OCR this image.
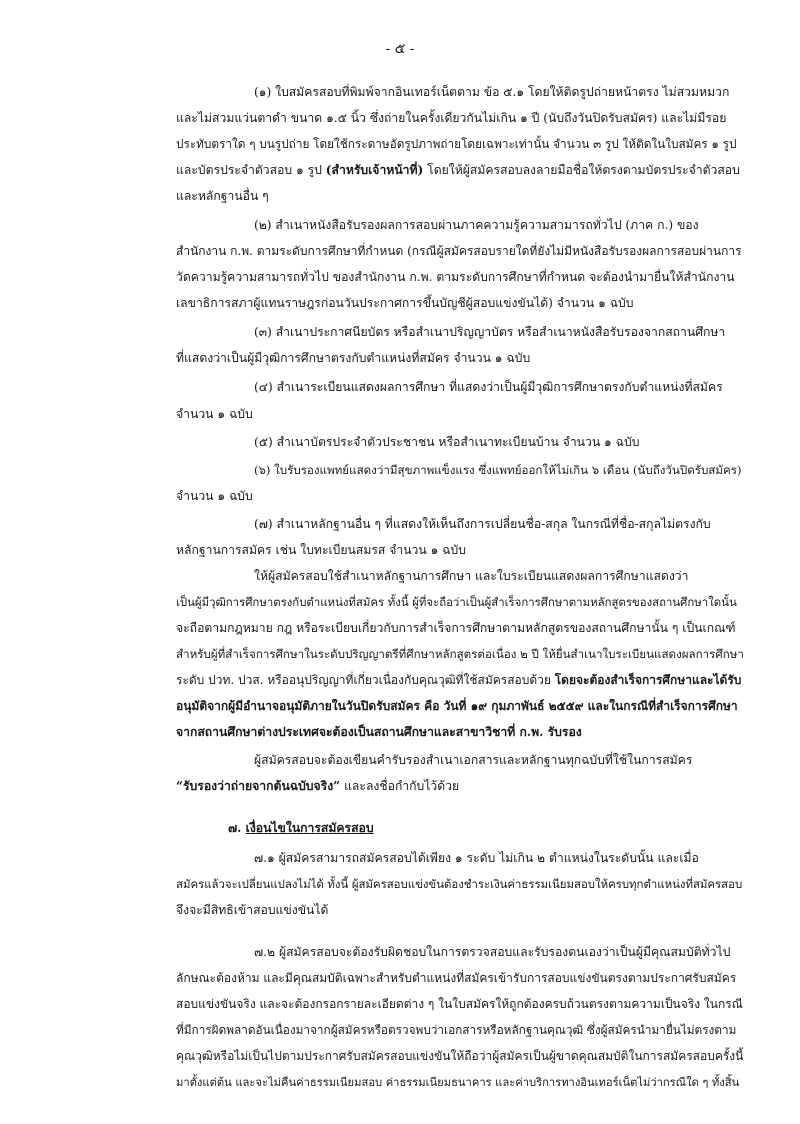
- ๕ -
(๑) ใบสมัครสอบที่พิมพ์จากอินเทอร์เน็ตตาม ข้อ ๕.๑ โดยให้ติดรูปถ่ายหน้าตรง ไม่สวมหมวก
และไม่สวมแว่นตาดำ ขนาด ๑.๕ นิ้ว ซึ่งถ่ายในครั้งเดียวกันไม่เกิน ๑ ปี (นับถึงวันปิดรับสมัคร) และไม่มีรอย
ประทับตราใด ๆ บนรูปถ่าย โดยใช้กระดาษอัดรูปภาพถ่ายโดยเฉพาะเท่านั้น จำนวน ๓ รูป ให้ติดในใบสมัคร ๑ รูป
และบัตรประจำตัวสอบ ๑ รูป (สำหรับเจ้าหน้าที่) โดยให้ผู้สมัครสอบลงลายมือชื่อให้ตรงตามบัตรประจำตัวสอบ
และหลักฐานอื่น ๆ
(๒) สำเนาหนังสือรับรองผลการสอบผ่านภาคความรู้ความสามารถทั่วไป (ภาค ก.) ของ
สำนักงาน ก.พ. ตามระดับการศึกษาที่กำหนด (กรณีผู้สมัครสอบรายใดที่ยังไม่มีหนังสือรับรองผลการสอบผ่านการ
วัดความรู้ความสามารถทั่วไป ของสำนักงาน ก.พ. ตามระดับการศึกษาที่กำหนด จะต้องนำมายื่นให้สำนักงาน
เลขาธิการสภาผู้แทนราษฎรก่อนวันประกาศการขึ้นบัญชีผู้สอบแข่งขันได้) จำนวน ๑ ฉบับ
(๓) สำเนาประกาศนียบัตร หรือสำเนาปริญญาบัตร หรือสำเนาหนังสือรับรองจากสถานศึกษา
ที่แสดงว่าเป็นผู้มีวุฒิการศึกษาตรงกับตำแหน่งที่สมัคร จำนวน ๑ ฉบับ
(๔) สำเนาระเบียนแสดงผลการศึกษา ที่แสดงว่าเป็นผู้มีวุฒิการศึกษาตรงกับตำแหน่งที่สมัคร
จำนวน ๑ ฉบับ
(๕) สำเนาบัตรประจำตัวประชาชน หรือสำเนาทะเบียนบ้าน จำนวน ๑ ฉบับ
(๖) ใบรับรองแพทย์แสดงว่ามีสุขภาพแข็งแรง ซึ่งแพทย์ออกให้ไม่เกิน ๖ เดือน (นับถึงวันปิดรับสมัคร)
จำนวน ๑ ฉบับ
(๗) สำเนาหลักฐานอื่น ๆ ที่แสดงให้เห็นถึงการเปลี่ยนชื่อ-สกุล ในกรณีที่ชื่อ-สกุลไม่ตรงกับ
หลักฐานการสมัคร เช่น ใบทะเบียนสมรส จำนวน ๑ ฉบับ
ให้ผู้สมัครสอบใช้สำเนาหลักฐานการศึกษา และใบระเบียนแสดงผลการศึกษาแสดงว่า
เป็นผู้มีวุฒิการศึกษาตรงกับตำแหน่งที่สมัคร ทั้งนี้ ผู้ที่จะถือว่าเป็นผู้สำเร็จการศึกษาตามหลักสูตรของสถานศึกษาใดนั้น
จะถือตามกฎหมาย กฎ หรือระเบียบเกี่ยวกับการสำเร็จการศึกษาตามหลักสูตรของสถานศึกษานั้น ๆ เป็นเกณฑ์
สำหรับผู้ที่สำเร็จการศึกษาในระดับปริญญาตรีที่ศึกษาหลักสูตรต่อเนื่อง ๒ ปี ให้ยื่นสำเนาใบระเบียนแสดงผลการศึกษา
ระดับ ปวท. ปวส. หรืออนุปริญญาที่เกี่ยวเนื่องกับคุณวุฒิที่ใช้สมัครสอบด้วย โดยจะต้องสำเร็จการศึกษาและได้รับ
อนุมัติจากผู้มีอำนาจอนุมัติภายในวันปิดรับสมัคร คือ วันที่ ๑๙ กุมภาพันธ์ ๒๕๕๙ และในกรณีที่สำเร็จการศึกษา
จากสถานศึกษาต่างประเทศจะต้องเป็นสถานศึกษาและสาขาวิชาที่ ก.พ. รับรอง
ผู้สมัครสอบจะต้องเขียนคำรับรองสำเนาเอกสารและหลักฐานทุกฉบับที่ใช้ในการสมัคร
“รับรองว่าถ่ายจากต้นฉบับจริง” และลงชื่อกำกับไว้ด้วย
๗. เงื่อนไขในการสมัครสอบ
๗.๑ ผู้สมัครสามารถสมัครสอบได้เพียง ๑ ระดับ ไม่เกิน ๒ ตำแหน่งในระดับนั้น และเมื่อ
สมัครแล้วจะเปลี่ยนแปลงไม่ได้ ทั้งนี้ ผู้สมัครสอบแข่งขันต้องชำระเงินค่าธรรมเนียมสอบให้ครบทุกตำแหน่งที่สมัครสอบ
จึงจะมีสิทธิเข้าสอบแข่งขันได้
๗.๒ ผู้สมัครสอบจะต้องรับผิดชอบในการตรวจสอบและรับรองตนเองว่าเป็นผู้มีคุณสมบัติทั่วไป
ลักษณะต้องห้าม และมีคุณสมบัติเฉพาะสำหรับตำแหน่งที่สมัครเข้ารับการสอบแข่งขันตรงตามประกาศรับสมัคร
สอบแข่งขันจริง และจะต้องกรอกรายละเอียดต่าง ๆ ในใบสมัครให้ถูกต้องครบถ้วนตรงตามความเป็นจริง ในกรณี
ที่มีการผิดพลาดอันเนื่องมาจากผู้สมัครหรือตรวจพบว่าเอกสารหรือหลักฐานคุณวุฒิ ซึ่งผู้สมัครนำมายื่นไม่ตรงตาม
คุณวุฒิหรือไม่เป็นไปตามประกาศรับสมัครสอบแข่งขันให้ถือว่าผู้สมัครเป็นผู้ขาดคุณสมบัติในการสมัครสอบครั้งนี้
มาตั้งแต่ต้น และจะไม่คืนค่าธรรมเนียมสอบ ค่าธรรมเนียมธนาคาร และค่าบริการทางอินเทอร์เน็ตไม่ว่ากรณีใด ๆ ทั้งสิ้น
